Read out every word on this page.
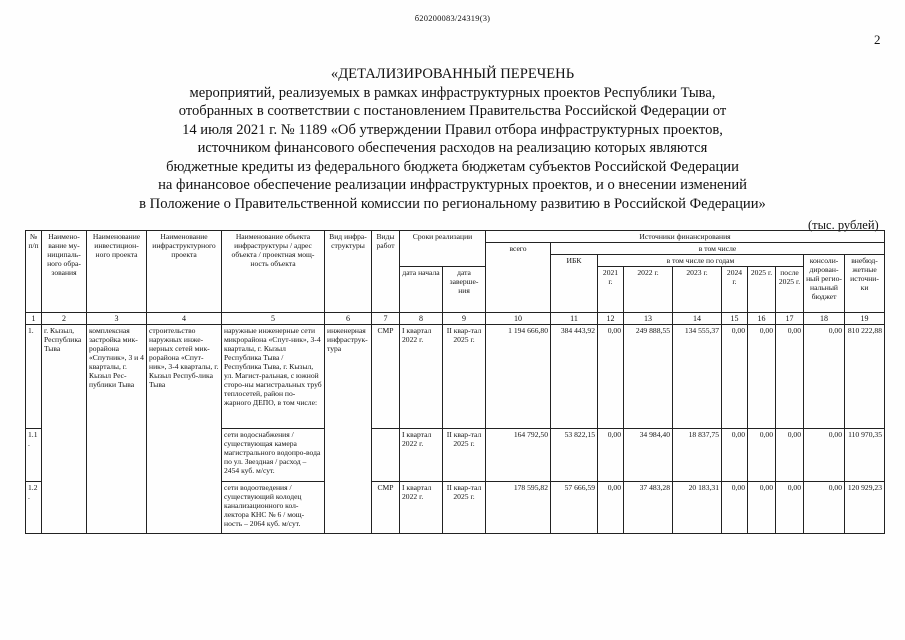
б20200083/24319(3)
2
«ДЕТАЛИЗИРОВАННЫЙ ПЕРЕЧЕНЬ
мероприятий, реализуемых в рамках инфраструктурных проектов Республики Тыва,
отобранных в соответствии с постановлением Правительства Российской Федерации от
14 июля 2021 г. № 1189 «Об утверждении Правил отбора инфраструктурных проектов,
источником финансового обеспечения расходов на реализацию которых являются
бюджетные кредиты из федерального бюджета бюджетам субъектов Российской Федерации
на финансовое обеспечение реализации инфраструктурных проектов, и о внесении изменений
в Положение о Правительственной комиссии по региональному развитию в Российской Федерации»
(тыс. рублей)
№ п/п	Наимено-вание му-ниципаль-ного обра-зования	Наименование инвестицион-ного проекта	Наименование инфраструктурного проекта	Наименование объекта инфраструктуры / адрес объекта / проектная мощ-ность объекта	Вид инфра-структуры	Виды работ	Сроки реализации		Источники финансирования									
									всего	в том числе								
										ИБК	в том числе по годам						консоли-дирован-ный регио-нальный бюджет	внебюд-жетные источни-ки
							дата начала	дата заверше-ния			2021 г.	2022 г.	2023 г.	2024 г.	2025 г.	после 2025 г.		
1	2	3	4	5	6	7	8	9	10	11	12	13	14	15	16	17	18	19
1.	г. Кызыл, Республика Тыва	комплексная застройка мик-рорайона «Спутник», 3 и 4 кварталы, г. Кызыл Рес-публики Тыва	строительство наружных инже-нерных сетей мик-рорайона «Спут-ник», 3-4 кварталы, г. Кызыл Респуб-лика Тыва	наружные инженерные сети микрорайона «Спут-ник», 3-4 кварталы, г. Кызыл Республика Тыва / Республика Тыва, г. Кызыл, ул. Магист-ральная, с южной сторо-ны магистральных труб теплосетей, район по-жарного ДЕПО, в том числе:	инженерная инфраструк-тура	СМР	I квартал 2022 г.	II квар-тал 2025 г.	1 194 666,80	384 443,92	0,00	249 888,55	134 555,37	0,00	0,00	0,00	0,00	810 222,88
1.1.				сети водоснабжения / существующая камера магистрального водопро-вода по ул. Звездная / расход – 2454 куб. м/сут.			I квартал 2022 г.	II квар-тал 2025 г.	164 792,50	53 822,15	0,00	34 984,40	18 837,75	0,00	0,00	0,00	0,00	110 970,35
1.2.				сети водоотведения / существующий колодец канализационного кол-лектора КНС № 6 / мощ-ность – 2064 куб. м/сут.		СМР	I квартал 2022 г.	II квар-тал 2025 г.	178 595,82	57 666,59	0,00	37 483,28	20 183,31	0,00	0,00	0,00	0,00	120 929,23
